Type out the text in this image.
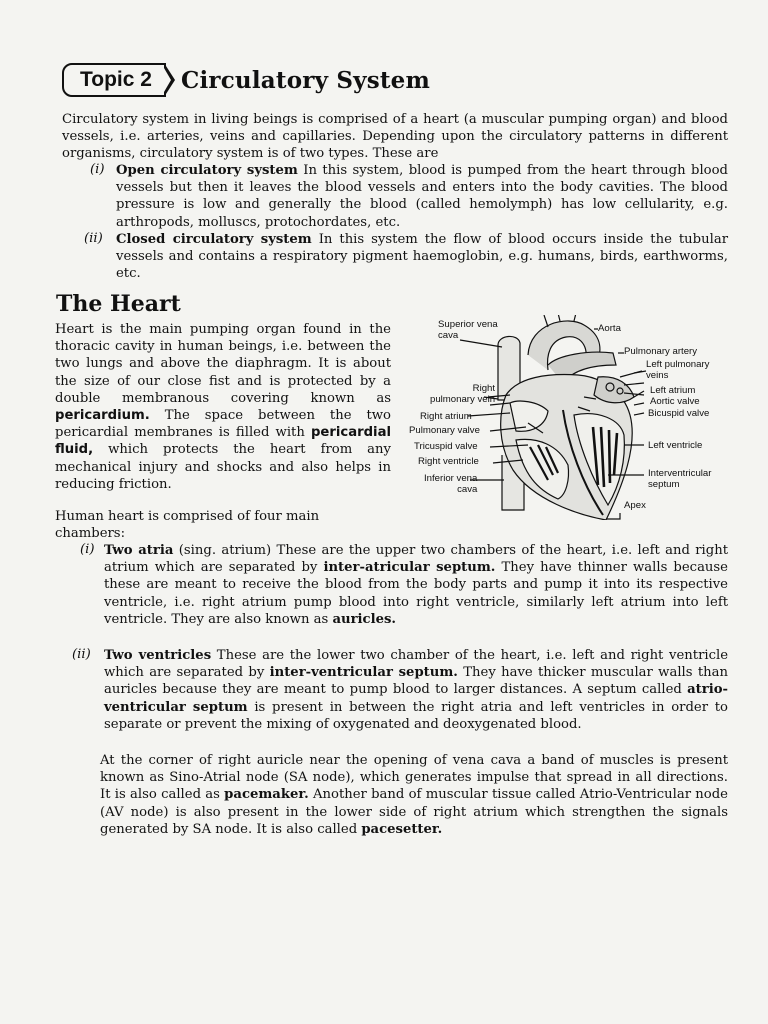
Topic 2	Circulatory System

Circulatory system in living beings is comprised of a heart (a muscular pumping organ) and blood vessels, i.e. arteries, veins and capillaries. Depending upon the circulatory patterns in different organisms, circulatory system is of two types. These are

(i) Open circulatory system In this system, blood is pumped from the heart through blood vessels but then it leaves the blood vessels and enters into the body cavities. The blood pressure is low and generally the blood (called hemolymph) has low cellularity, e.g. arthropods, molluscs, protochordates, etc.

(ii) Closed circulatory system In this system the flow of blood occurs inside the tubular vessels and contains a respiratory pigment haemoglobin, e.g. humans, birds, earthworms, etc.

The Heart

Heart is the main pumping organ found in the thoracic cavity in human beings, i.e. between the two lungs and above the diaphragm. It is about the size of our close fist and is protected by a double membranous covering known as pericardium. The space between the two pericardial membranes is filled with pericardial fluid, which protects the heart from any mechanical injury and shocks and also helps in reducing friction.

Human heart is comprised of four main chambers:

Superior vena
cava
Aorta
Pulmonary artery
Left pulmonary
veins
Right
pulmonary vein
Left atrium
Aortic valve
Bicuspid valve
Right atrium
Pulmonary valve
Tricuspid valve	Left ventricle
Right ventricle
Inferior vena
cava
Interventricular
septum
Apex
(i) Two atria (sing. atrium) These are the upper two chambers of the heart, i.e. left and right atrium which are separated by inter-atricular septum. They have thinner walls because these are meant to receive the blood from the body parts and pump it into its respective ventricle, i.e. right atrium pump blood into right ventricle, similarly left atrium into left ventricle. They are also known as auricles.

(ii) Two ventricles These are the lower two chamber of the heart, i.e. left and right ventricle which are separated by inter-ventricular septum. They have thicker muscular walls than auricles because they are meant to pump blood to larger distances. A septum called atrio-ventricular septum is present in between the right atria and left ventricles in order to separate or prevent the mixing of oxygenated and deoxygenated blood.

At the corner of right auricle near the opening of vena cava a band of muscles is present known as Sino-Atrial node (SA node), which generates impulse that spread in all directions. It is also called as pacemaker. Another band of muscular tissue called Atrio-Ventricular node (AV node) is also present in the lower side of right atrium which strengthen the signals generated by SA node. It is also called pacesetter.
